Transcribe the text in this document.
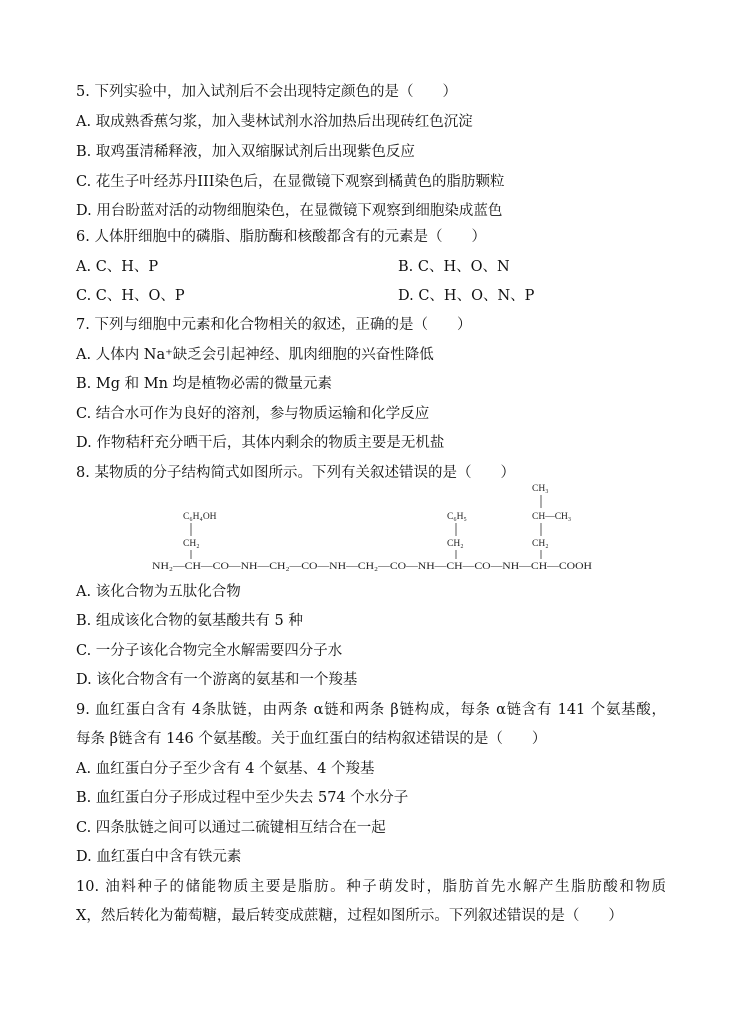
5. 下列实验中，加入试剂后不会出现特定颜色的是（　　）
A. 取成熟香蕉匀浆，加入斐林试剂水浴加热后出现砖红色沉淀
B. 取鸡蛋清稀释液，加入双缩脲试剂后出现紫色反应
C. 花生子叶经苏丹III染色后，在显微镜下观察到橘黄色的脂肪颗粒
D. 用台盼蓝对活的动物细胞染色，在显微镜下观察到细胞染成蓝色
6. 人体肝细胞中的磷脂、脂肪酶和核酸都含有的元素是（　　）
A. C、H、P	B. C、H、O、N
C. C、H、O、P	D. C、H、O、N、P
7. 下列与细胞中元素和化合物相关的叙述，正确的是（　　）
A. 人体内 Na⁺缺乏会引起神经、肌肉细胞的兴奋性降低
B. Mg 和 Mn 均是植物必需的微量元素
C. 结合水可作为良好的溶剂，参与物质运输和化学反应
D. 作物秸秆充分晒干后，其体内剩余的物质主要是无机盐
8. 某物质的分子结构简式如图所示。下列有关叙述错误的是（　　）
CH₃
CH—CH₃
CH₂
C₆H₄OH
CH₂
C₆H₅
CH₂
NH₂—CH—CO—NH—CH₂—CO—NH—CH₂—CO—NH—CH—CO—NH—CH—COOH
A. 该化合物为五肽化合物
B. 组成该化合物的氨基酸共有 5 种
C. 一分子该化合物完全水解需要四分子水
D. 该化合物含有一个游离的氨基和一个羧基
9. 血红蛋白含有 4条肽链，由两条 α链和两条 β链构成，每条 α链含有 141 个氨基酸，
每条 β链含有 146 个氨基酸。关于血红蛋白的结构叙述错误的是（　　）
A. 血红蛋白分子至少含有 4 个氨基、4 个羧基
B. 血红蛋白分子形成过程中至少失去 574 个水分子
C. 四条肽链之间可以通过二硫键相互结合在一起
D. 血红蛋白中含有铁元素
10. 油料种子的储能物质主要是脂肪。种子萌发时，脂肪首先水解产生脂肪酸和物质
X，然后转化为葡萄糖，最后转变成蔗糖，过程如图所示。下列叙述错误的是（　　）
